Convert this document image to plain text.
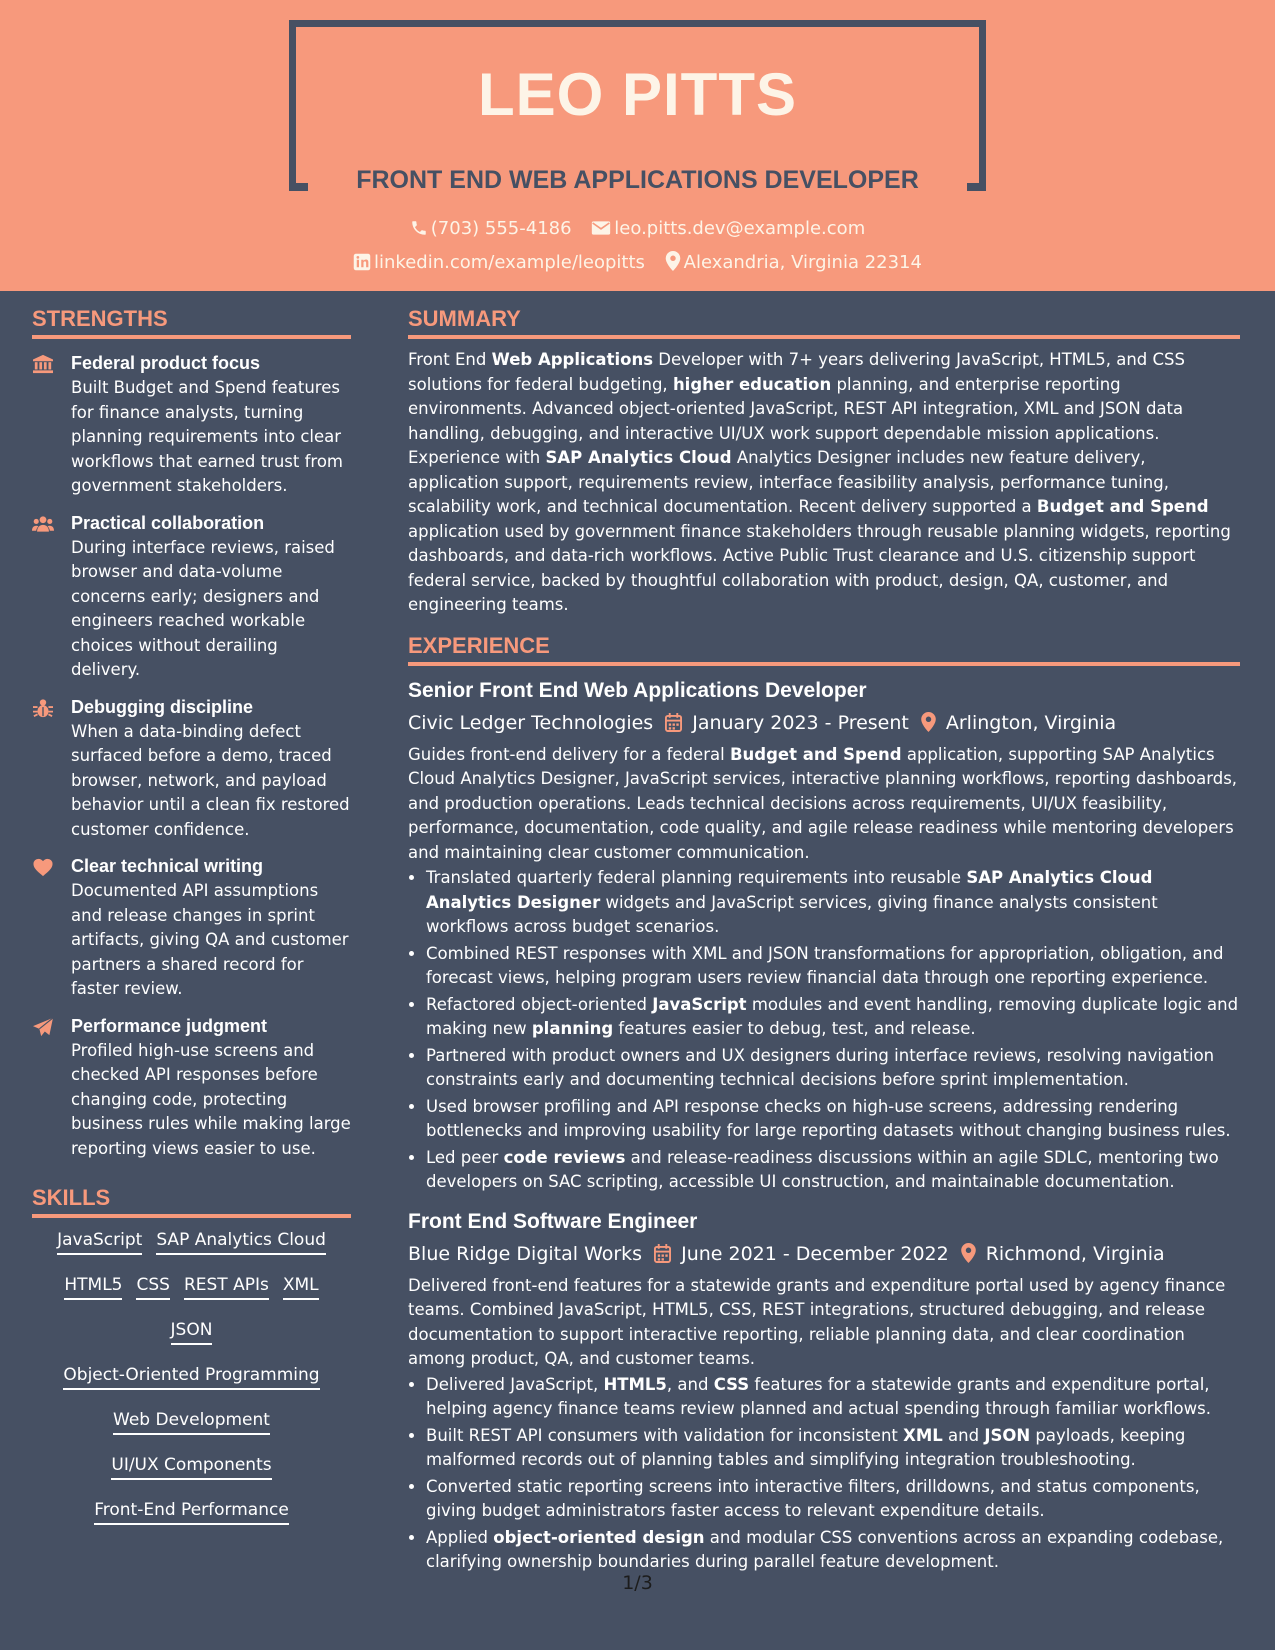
LEO PITTS
FRONT END WEB APPLICATIONS DEVELOPER
(703) 555-4186 leo.pitts.dev@example.com
linkedin.com/example/leopitts Alexandria, Virginia 22314
STRENGTHS
Federal product focus

Built Budget and Spend features for finance analysts, turning planning requirements into clear workflows that earned trust from government stakeholders.

Practical collaboration

During interface reviews, raised browser and data-volume concerns early; designers and engineers reached workable choices without derailing delivery.

Debugging discipline

When a data-binding defect surfaced before a demo, traced browser, network, and payload behavior until a clean fix restored customer confidence.

Clear technical writing

Documented API assumptions and release changes in sprint artifacts, giving QA and customer partners a shared record for faster review.

Performance judgment

Profiled high-use screens and checked API responses before changing code, protecting business rules while making large reporting views easier to use.

SKILLS
JavaScript SAP Analytics Cloud
HTML5 CSS REST APIs XML
JSON
Object-Oriented Programming
Web Development
UI/UX Components
Front-End Performance
SUMMARY

Front End Web Applications Developer with 7+ years delivering JavaScript, HTML5, and CSS solutions for federal budgeting, higher education planning, and enterprise reporting environments. Advanced object-oriented JavaScript, REST API integration, XML and JSON data handling, debugging, and interactive UI/UX work support dependable mission applications. Experience with SAP Analytics Cloud Analytics Designer includes new feature delivery, application support, requirements review, interface feasibility analysis, performance tuning, scalability work, and technical documentation. Recent delivery supported a Budget and Spend application used by government finance stakeholders through reusable planning widgets, reporting dashboards, and data-rich workflows. Active Public Trust clearance and U.S. citizenship support federal service, backed by thoughtful collaboration with product, design, QA, customer, and engineering teams.

EXPERIENCE
Senior Front End Web Applications Developer
Civic Ledger Technologies January 2023 - Present Arlington, Virginia

Guides front-end delivery for a federal Budget and Spend application, supporting SAP Analytics Cloud Analytics Designer, JavaScript services, interactive planning workflows, reporting dashboards, and production operations. Leads technical decisions across requirements, UI/UX feasibility, performance, documentation, code quality, and agile release readiness while mentoring developers and maintaining clear customer communication.

• Translated quarterly federal planning requirements into reusable SAP Analytics Cloud Analytics Designer widgets and JavaScript services, giving finance analysts consistent workflows across budget scenarios.
• Combined REST responses with XML and JSON transformations for appropriation, obligation, and forecast views, helping program users review financial data through one reporting experience.
• Refactored object-oriented JavaScript modules and event handling, removing duplicate logic and making new planning features easier to debug, test, and release.
• Partnered with product owners and UX designers during interface reviews, resolving navigation constraints early and documenting technical decisions before sprint implementation.
• Used browser profiling and API response checks on high-use screens, addressing rendering bottlenecks and improving usability for large reporting datasets without changing business rules.
• Led peer code reviews and release-readiness discussions within an agile SDLC, mentoring two developers on SAC scripting, accessible UI construction, and maintainable documentation.
Front End Software Engineer
Blue Ridge Digital Works June 2021 - December 2022 Richmond, Virginia

Delivered front-end features for a statewide grants and expenditure portal used by agency finance teams. Combined JavaScript, HTML5, CSS, REST integrations, structured debugging, and release documentation to support interactive reporting, reliable planning data, and clear coordination among product, QA, and customer teams.

• Delivered JavaScript, HTML5, and CSS features for a statewide grants and expenditure portal, helping agency finance teams review planned and actual spending through familiar workflows.
• Built REST API consumers with validation for inconsistent XML and JSON payloads, keeping malformed records out of planning tables and simplifying integration troubleshooting.
• Converted static reporting screens into interactive filters, drilldowns, and status components, giving budget administrators faster access to relevant expenditure details.
• Applied object-oriented design and modular CSS conventions across an expanding codebase, clarifying ownership boundaries during parallel feature development.
1/3
